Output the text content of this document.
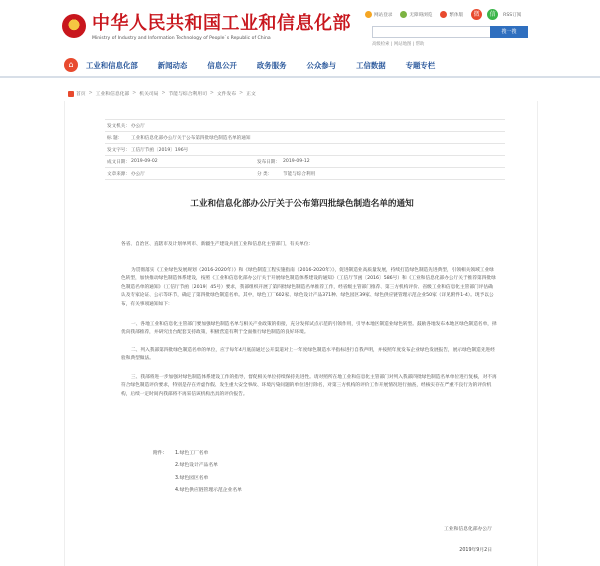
★ 中华人民共和国工业和信息化部
Ministry of Industry and Information Technology of People`s Republic of China
网站登录	无障碍浏览	繁体版	微	信	RSS订阅
搜一搜
高级检索 | 网站地图 | 帮助
⌂	工业和信息化部	新闻动态	信息公开	政务服务	公众参与	工信数据	专题专栏
首页 > 工业和信息化部 > 机关司局 > 节能与综合利用司 > 文件发布 > 正文
发文机关： 办公厅
标 题：	工业和信息化部办公厅关于公布第四批绿色制造名单的通知
发文字号： 工信厅节函〔2019〕196号
成文日期： 2019-09-02	发布日期： 2019-09-12
文章来源： 办公厅	分 类：	节能与综合利用
工业和信息化部办公厅关于公布第四批绿色制造名单的通知
各省、自治区、直辖市及计划单列市、新疆生产建设兵团工业和信息化主管部门，有关单位：
为贯彻落实《工业绿色发展规划（2016-2020年）》和《绿色制造工程实施指南（2016-2020年）》，促进制造业高质量发展，持续打造绿色制造先进典型，引领相关领域工业绿色转型，加快推动绿色制造体系建设，按照《工业和信息化部办公厅关于开展绿色制造体系建设的通知》（工信厅节函〔2016〕586号）和《工业和信息化部办公厅关于推荐第四批绿色制造名单的通知》（工信厅节函〔2019〕45号）要求，我部组织开展了第四批绿色制造名单推荐工作，经省级主管部门推荐、第三方机构评价、省级工业和信息化主管部门评估确认及专家论证、公示等环节，确定了第四批绿色制造名单。其中，绿色工厂602家、绿色设计产品371种、绿色园区39家、绿色供应链管理示范企业50家（详见附件1-4）。现予以公布，有关事项通知如下：
一、各地工业和信息化主管部门要加强绿色制造名单与相关产业政策的衔接，充分发挥试点示范的引领作用，引导本地区制造业绿色转型。鼓励各地发布本地区绿色制造名单，择优向我部推荐，并研究出台配套支持政策，积极营造有利于全面推行绿色制造的良好环境。
二、列入我部第四批绿色制造名单的单位，应于每年4月底前通过公开渠道对上一年度绿色制造水平指标进行自我声明，并按照年度发布企业绿色发展报告，展示绿色制造先进经验和典型做法。
三、我部将进一步加强对绿色制造体系建设工作的指导，督促相关单位持续保持先进性。请对照所在地工业和信息化主管部门对列入我部四批绿色制造名单单位进行复核，对不再符合绿色制造评价要求，特别是存在弄虚作假、发生重大安全事故、环境污染问题的单位进行除名，对第三方机构的评价工作开展情况进行抽查，经核实存在严重不良行为的评价机构，后续一定时间内我部将不再采信该机构出具的评价报告。
附件：	1.绿色工厂名单
2.绿色设计产品名单
3.绿色园区名单
4.绿色供应链管理示范企业名单
工业和信息化部办公厅
2019年9月2日
